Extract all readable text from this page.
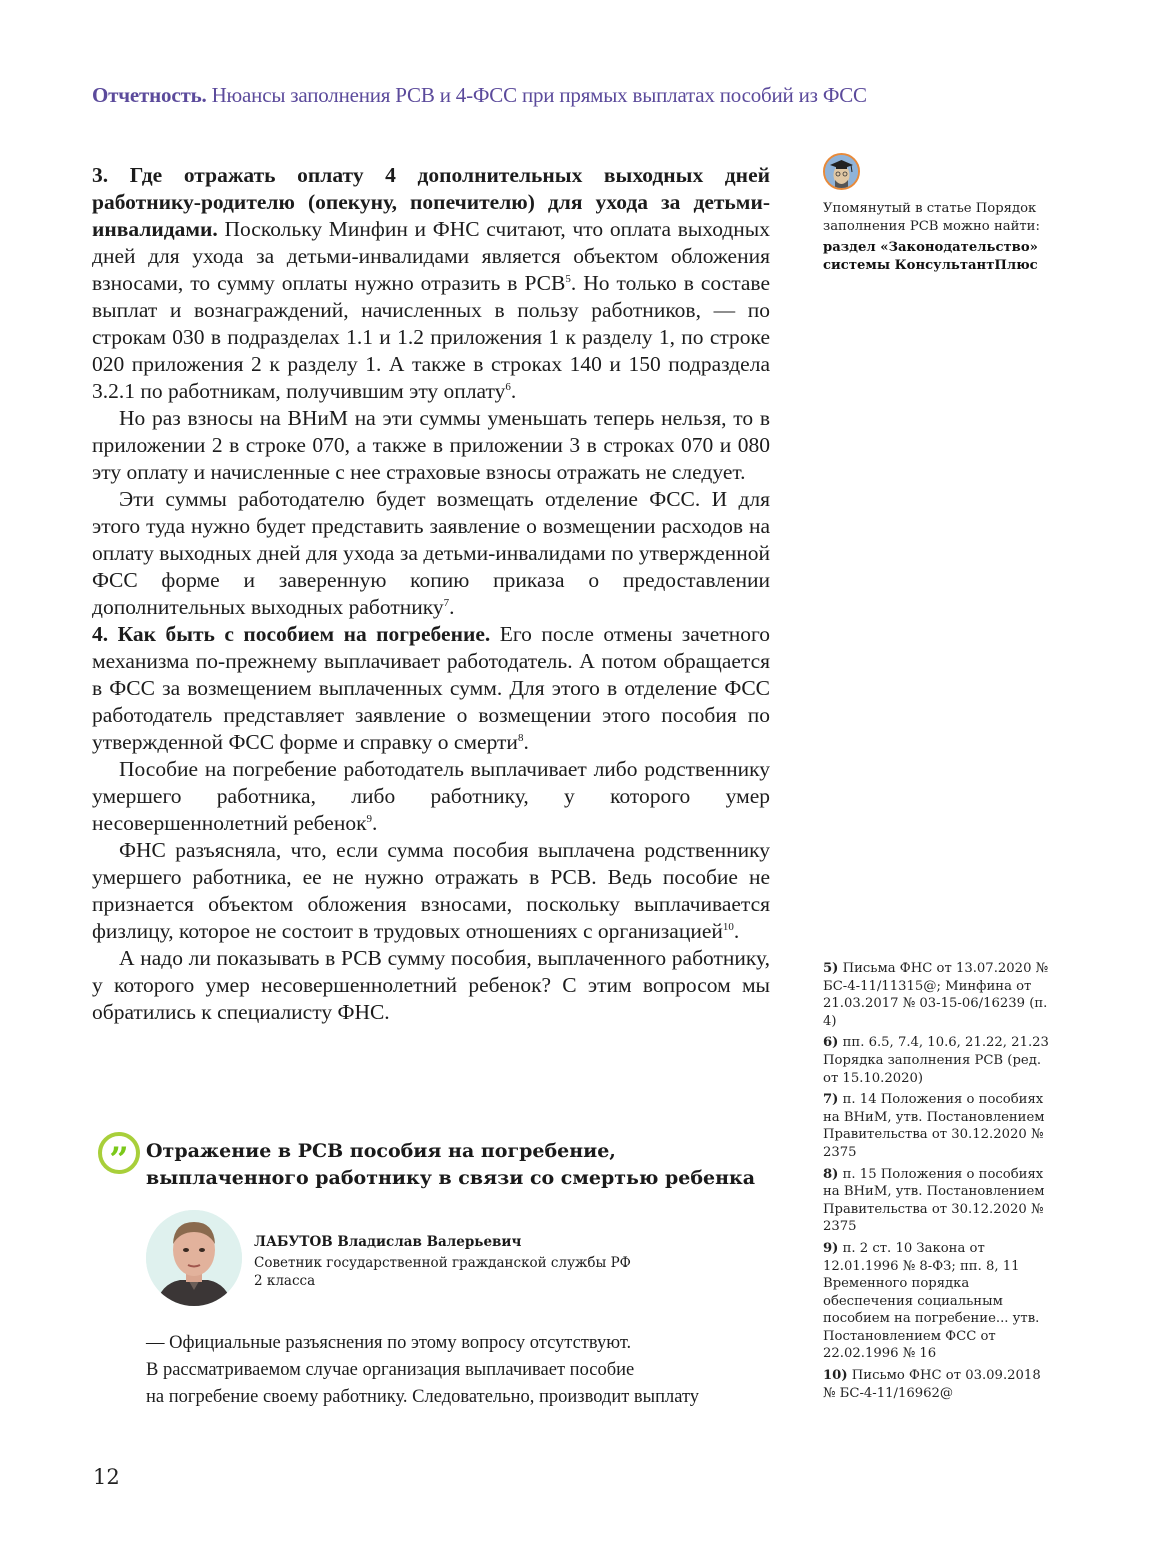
Отчетность. Нюансы заполнения РСВ и 4-ФСС при прямых выплатах пособий из ФСС

3. Где отражать оплату 4 дополнительных выходных дней работнику-родителю (опекуну, попечителю) для ухода за детьми-инвалидами. Поскольку Минфин и ФНС считают, что оплата выходных дней для ухода за детьми-инвалидами является объектом обложения взносами, то сумму оплаты нужно отразить в РСВ$^5$. Но только в составе выплат и вознаграждений, начисленных в пользу работников, — по строкам 030 в подразделах 1.1 и 1.2 приложения 1 к разделу 1, по строке 020 приложения 2 к разделу 1. А также в строках 140 и 150 подраздела 3.2.1 по работникам, получившим эту оплату$^6$.

Но раз взносы на ВНиМ на эти суммы уменьшать теперь нельзя, то в приложении 2 в строке 070, а также в приложении 3 в строках 070 и 080 эту оплату и начисленные с нее страховые взносы отражать не следует.

Эти суммы работодателю будет возмещать отделение ФСС. И для этого туда нужно будет представить заявление о возмещении расходов на оплату выходных дней для ухода за детьми-инвалидами по утвержденной ФСС форме и заверенную копию приказа о предоставлении дополнительных выходных работнику$^7$.

4. Как быть с пособием на погребение. Его после отмены зачетного механизма по-прежнему выплачивает работодатель. А потом обращается в ФСС за возмещением выплаченных сумм. Для этого в отделение ФСС работодатель представляет заявление о возмещении этого пособия по утвержденной ФСС форме и справку о смерти$^8$.

Пособие на погребение работодатель выплачивает либо родственнику умершего работника, либо работнику, у которого умер несовершеннолетний ребенок$^9$.

ФНС разъясняла, что, если сумма пособия выплачена родственнику умершего работника, ее не нужно отражать в РСВ. Ведь пособие не признается объектом обложения взносами, поскольку выплачивается физлицу, которое не состоит в трудовых отношениях с организацией$^{10}$.

А надо ли показывать в РСВ сумму пособия, выплаченного работнику, у которого умер несовершеннолетний ребенок? С этим вопросом мы обратились к специалисту ФНС.

” Отражение в РСВ пособия на погребение,
выплаченного работнику в связи со смертью ребенка
ЛАБУТОВ Владислав Валерьевич
Советник государственной гражданской службы РФ 2 класса

— Официальные разъяснения по этому вопросу отсутствуют.

В рассматриваемом случае организация выплачивает пособие

на погребение своему работнику. Следовательно, производит выплату

Упомянутый в статье Порядок заполнения РСВ можно найти:
раздел «Законодательство» системы КонсультантПлюс
5) Письма ФНС от 13.07.2020 № БС-4-11/11315@; Минфина от 21.03.2017 № 03-15-06/16239 (п. 4)
6) пп. 6.5, 7.4, 10.6, 21.22, 21.23 Порядка заполнения РСВ (ред. от 15.10.2020)
7) п. 14 Положения о пособиях на ВНиМ, утв. Постановлением Правительства от 30.12.2020 № 2375
8) п. 15 Положения о пособиях на ВНиМ, утв. Постановлением Правительства от 30.12.2020 № 2375
9) п. 2 ст. 10 Закона от 12.01.1996 № 8-ФЗ; пп. 8, 11 Временного порядка обеспечения социальным пособием на погребение... утв. Постановлением ФСС от 22.02.1996 № 16
10) Письмо ФНС от 03.09.2018 № БС-4-11/16962@
12
